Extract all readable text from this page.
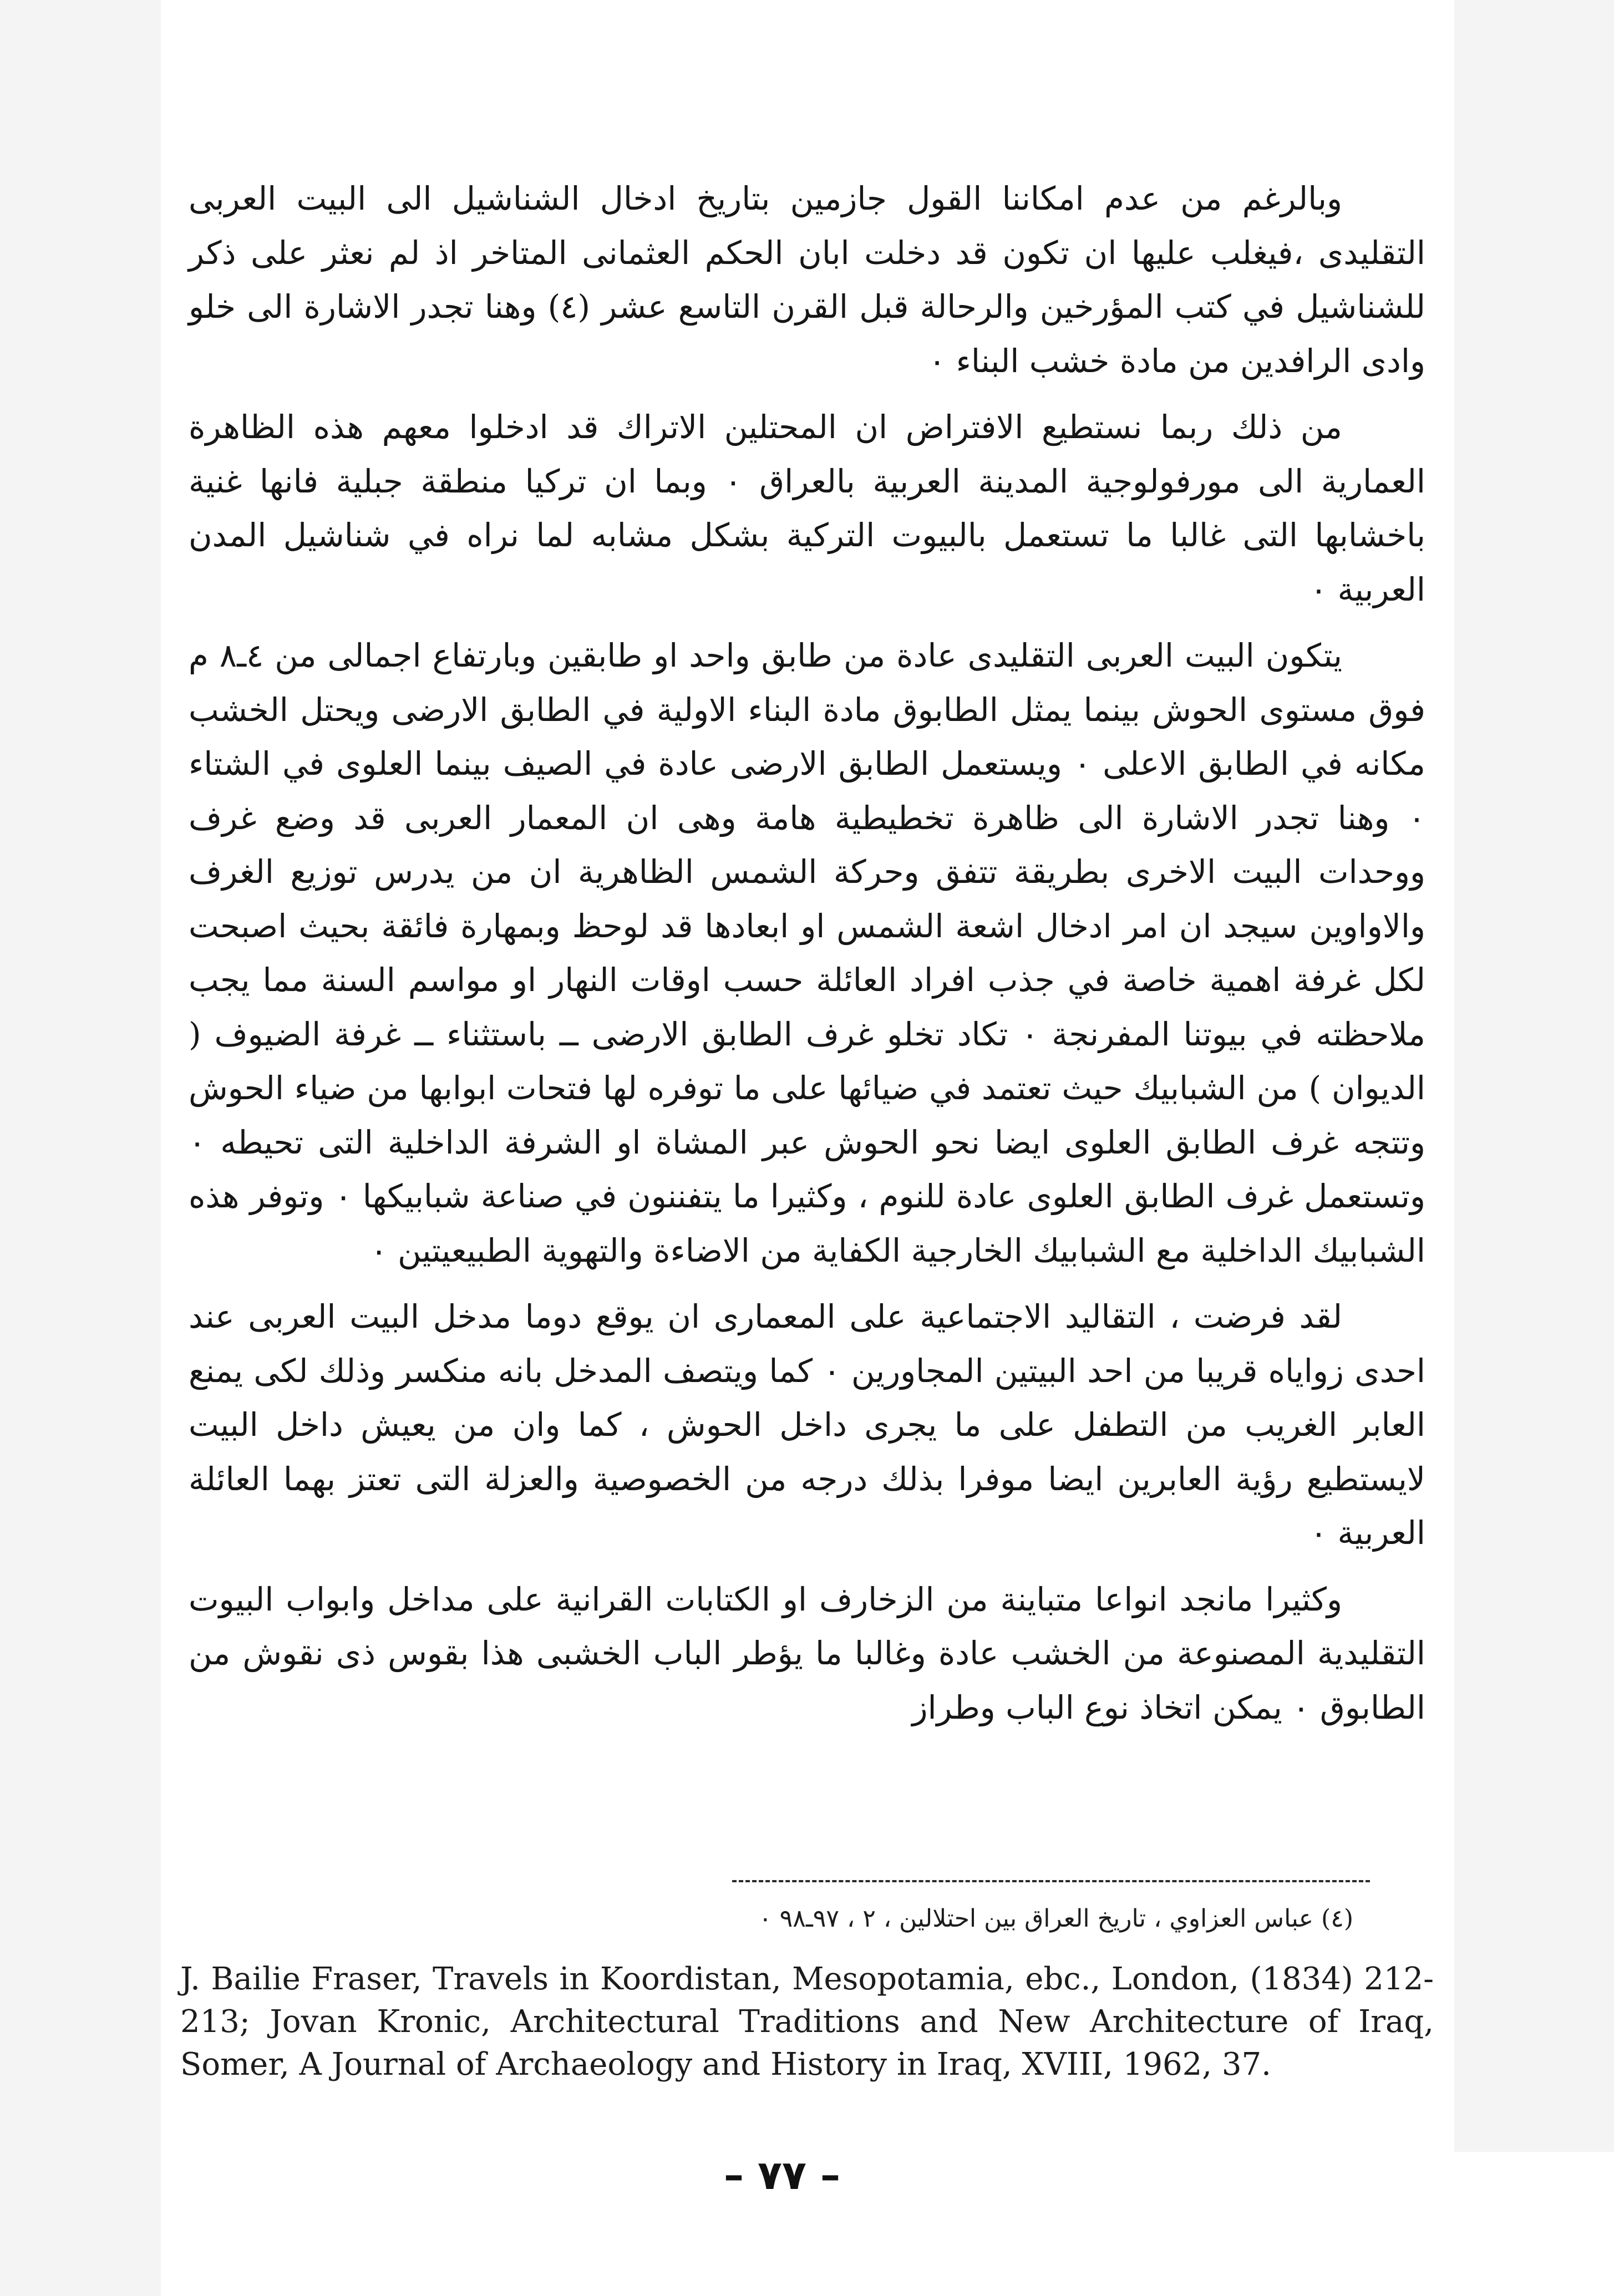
وبالرغم من عدم امكاننا القول جازمين بتاريخ ادخال الشناشيل الى البيت العربى التقليدى ،فيغلب عليها ان تكون قد دخلت ابان الحكم العثمانى المتاخر اذ لم نعثر على ذكر للشناشيل في كتب المؤرخين والرحالة قبل القرن التاسع عشر (٤) وهنا تجدر الاشارة الى خلو وادى الرافدين من مادة خشب البناء ٠

من ذلك ربما نستطيع الافتراض ان المحتلين الاتراك قد ادخلوا معهم هذه الظاهرة العمارية الى مورفولوجية المدينة العربية بالعراق ٠ وبما ان تركيا منطقة جبلية فانها غنية باخشابها التى غالبا ما تستعمل بالبيوت التركية بشكل مشابه لما نراه في شناشيل المدن العربية ٠

يتكون البيت العربى التقليدى عادة من طابق واحد او طابقين وبارتفاع اجمالى من ٤ـ٨ م فوق مستوى الحوش بينما يمثل الطابوق مادة البناء الاولية في الطابق الارضى ويحتل الخشب مكانه في الطابق الاعلى ٠ ويستعمل الطابق الارضى عادة في الصيف بينما العلوى في الشتاء ٠ وهنا تجدر الاشارة الى ظاهرة تخطيطية هامة وهى ان المعمار العربى قد وضع غرف ووحدات البيت الاخرى بطريقة تتفق وحركة الشمس الظاهرية ان من يدرس توزيع الغرف والاواوين سيجد ان امر ادخال اشعة الشمس او ابعادها قد لوحظ وبمهارة فائقة بحيث اصبحت لكل غرفة اهمية خاصة في جذب افراد العائلة حسب اوقات النهار او مواسم السنة مما يجب ملاحظته في بيوتنا المفرنجة ٠ تكاد تخلو غرف الطابق الارضى ــ باستثناء ــ غرفة الضيوف ( الديوان ) من الشبابيك حيث تعتمد في ضيائها على ما توفره لها فتحات ابوابها من ضياء الحوش وتتجه غرف الطابق العلوى ايضا نحو الحوش عبر المشاة او الشرفة الداخلية التى تحيطه ٠ وتستعمل غرف الطابق العلوى عادة للنوم ، وكثيرا ما يتفننون في صناعة شبابيكها ٠ وتوفر هذه الشبابيك الداخلية مع الشبابيك الخارجية الكفاية من الاضاءة والتهوية الطبيعيتين ٠

لقد فرضت ، التقاليد الاجتماعية على المعمارى ان يوقع دوما مدخل البيت العربى عند احدى زواياه قريبا من احد البيتين المجاورين ٠ كما ويتصف المدخل بانه منكسر وذلك لكى يمنع العابر الغريب من التطفل على ما يجرى داخل الحوش ، كما وان من يعيش داخل البيت لايستطيع رؤية العابرين ايضا موفرا بذلك درجه من الخصوصية والعزلة التى تعتز بهما العائلة العربية ٠

وكثيرا مانجد انواعا متباينة من الزخارف او الكتابات القرانية على مداخل وابواب البيوت التقليدية المصنوعة من الخشب عادة وغالبا ما يؤطر الباب الخشبى هذا بقوس ذى نقوش من الطابوق ٠ يمكن اتخاذ نوع الباب وطراز

(٤) عباس العزاوي ، تاريخ العراق بين احتلالين ، ٢ ، ٩٧ـ٩٨ ٠
J. Bailie Fraser, Travels in Koordistan, Mesopotamia, ebc., London, (1834) 212-213; Jovan Kronic, Architectural Traditions and New Architecture of Iraq, Somer, A Journal of Archaeology and History in Iraq, XVIII, 1962, 37.
– ٧٧ –
